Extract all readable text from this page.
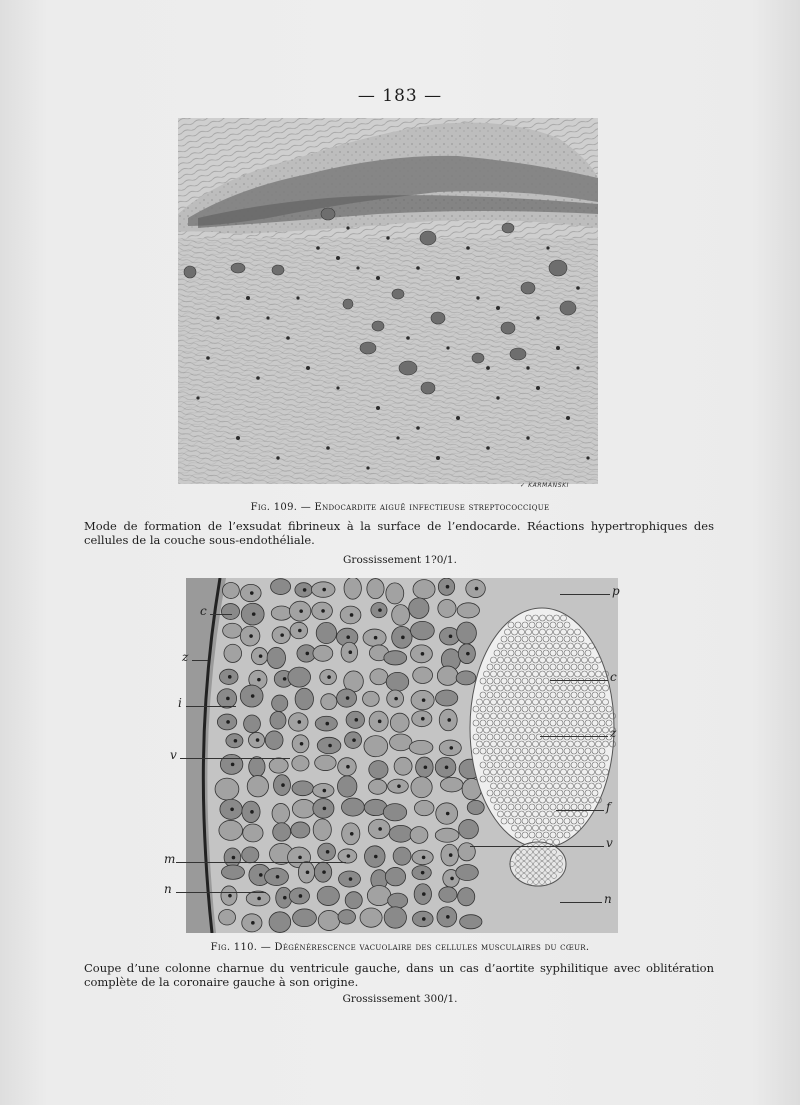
— 183 —
✓ KARMANSKI
Fig. 109. — Endocardite aiguë infectieuse streptococcique
Mode de formation de l’exsudat fibrineux à la surface de l’endocarde. Réactions hypertrophiques des cellules de la couche sous-endothéliale.
Grossissement 1?0/1.
c
z
i
v
m
n
p
c
z
f
v
n
Fig. 110. — Dégénérescence vacuolaire des cellules musculaires du cœur.
Coupe d’une colonne charnue du ventricule gauche, dans un cas d’aortite syphilitique avec oblitération complète de la coronaire gauche à son origine.
Grossissement 300/1.
